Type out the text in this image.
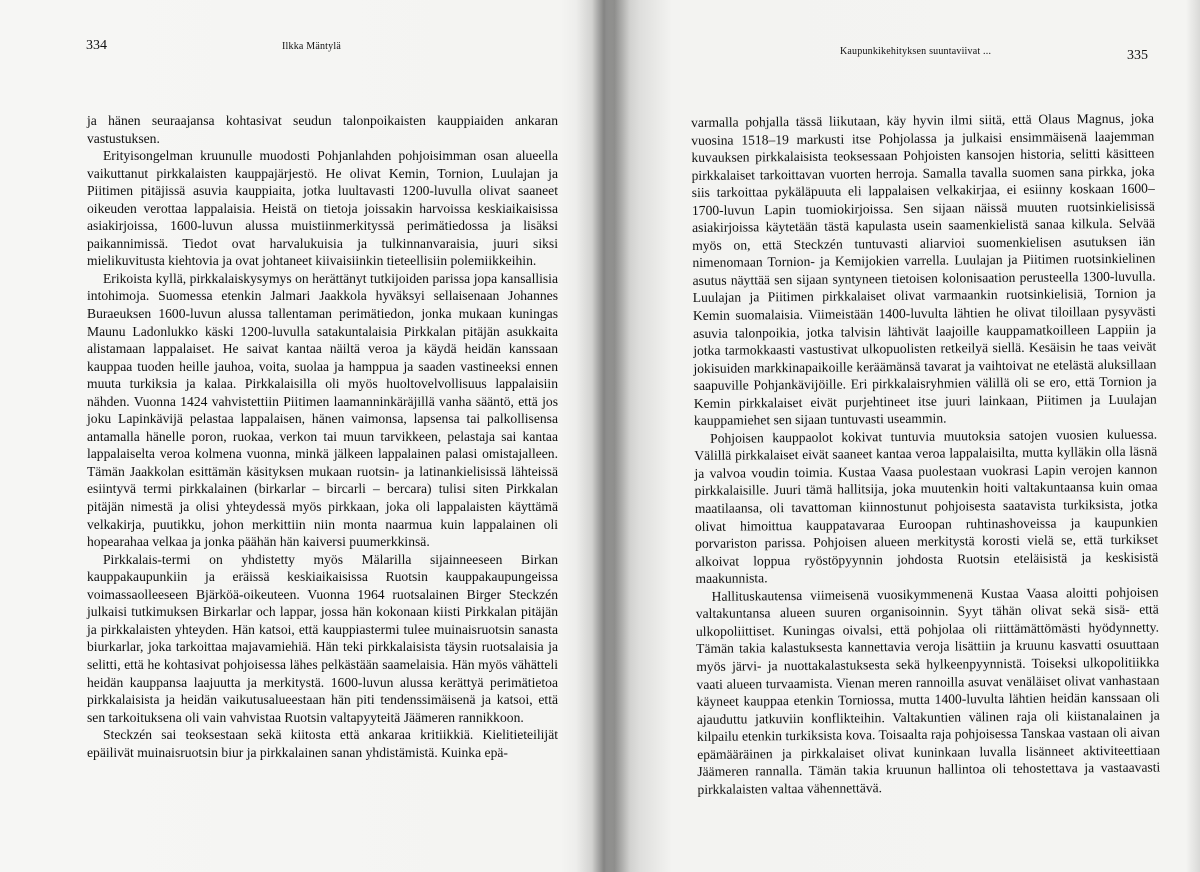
334	Ilkka Mäntylä

ja hänen seuraajansa kohtasivat seudun talonpoikaisten kauppiaiden ankaran vastustuksen.

Erityisongelman kruunulle muodosti Pohjanlahden pohjoisimman osan alueella vaikuttanut pirkkalaisten kauppajärjestö. He olivat Kemin, Tornion, Luulajan ja Piitimen pitäjissä asuvia kauppiaita, jotka luultavasti 1200-luvulla olivat saaneet oikeuden verottaa lappalaisia. Heistä on tietoja joissakin harvoissa keskiaikaisissa asiakirjoissa, 1600-luvun alussa muistiinmerkityssä perimätiedossa ja lisäksi paikannimissä. Tiedot ovat harvalukuisia ja tulkinnanvaraisia, juuri siksi mielikuvitusta kiehtovia ja ovat johtaneet kiivaisiinkin tieteellisiin polemiikkeihin.

Erikoista kyllä, pirkkalaiskysymys on herättänyt tutkijoiden parissa jopa kansallisia intohimoja. Suomessa etenkin Jalmari Jaakkola hyväksyi sellaisenaan Johannes Buraeuksen 1600-luvun alussa tallentaman perimätiedon, jonka mukaan kuningas Maunu Ladonlukko käski 1200-luvulla satakuntalaisia Pirkkalan pitäjän asukkaita alistamaan lappalaiset. He saivat kantaa näiltä veroa ja käydä heidän kanssaan kauppaa tuoden heille jauhoa, voita, suolaa ja hamppua ja saaden vastineeksi ennen muuta turkiksia ja kalaa. Pirkkalaisilla oli myös huoltovelvollisuus lappalaisiin nähden. Vuonna 1424 vahvistettiin Piitimen laamanninkäräjillä vanha sääntö, että jos joku Lapinkävijä pelastaa lappalaisen, hänen vaimonsa, lapsensa tai palkollisensa antamalla hänelle poron, ruokaa, verkon tai muun tarvikkeen, pelastaja sai kantaa lappalaiselta veroa kolmena vuonna, minkä jälkeen lappalainen palasi omistajalleen. Tämän Jaakkolan esittämän käsityksen mukaan ruotsin- ja latinankielisissä lähteissä esiintyvä termi pirkkalainen (birkarlar – bircarli – bercara) tulisi siten Pirkkalan pitäjän nimestä ja olisi yhteydessä myös pirkkaan, joka oli lappalaisten käyttämä velkakirja, puutikku, johon merkittiin niin monta naarmua kuin lappalainen oli hopearahaa velkaa ja jonka päähän hän kaiversi puumerkkinsä.

Pirkkalais-termi on yhdistetty myös Mälarilla sijainneeseen Birkan kauppakaupunkiin ja eräissä keskiaikaisissa Ruotsin kauppakaupungeissa voimassaolleeseen Bjärköä-oikeuteen. Vuonna 1964 ruotsalainen Birger Steckzén julkaisi tutkimuksen Birkarlar och lappar, jossa hän kokonaan kiisti Pirkkalan pitäjän ja pirkkalaisten yhteyden. Hän katsoi, että kauppiastermi tulee muinaisruotsin sanasta biurkarlar, joka tarkoittaa majavamiehiä. Hän teki pirkkalaisista täysin ruotsalaisia ja selitti, että he kohtasivat pohjoisessa lähes pelkästään saamelaisia. Hän myös vähätteli heidän kauppansa laajuutta ja merkitystä. 1600-luvun alussa kerättyä perimätietoa pirkkalaisista ja heidän vaikutusalueestaan hän piti tendenssimäisenä ja katsoi, että sen tarkoituksena oli vain vahvistaa Ruotsin valtapyyteitä Jäämeren rannikkoon.

Steckzén sai teoksestaan sekä kiitosta että ankaraa kritiikkiä. Kielitieteilijät epäilivät muinaisruotsin biur ja pirkkalainen sanan yhdistämistä. Kuinka epä-

Kaupunkikehityksen suuntaviivat ...	335

varmalla pohjalla tässä liikutaan, käy hyvin ilmi siitä, että Olaus Magnus, joka vuosina 1518–19 markusti itse Pohjolassa ja julkaisi ensimmäisenä laajemman kuvauksen pirkkalaisista teoksessaan Pohjoisten kansojen historia, selitti käsitteen pirkkalaiset tarkoittavan vuorten herroja. Samalla tavalla suomen sana pirkka, joka siis tarkoittaa pykäläpuuta eli lappalaisen velkakirjaa, ei esiinny koskaan 1600–1700-luvun Lapin tuomiokirjoissa. Sen sijaan näissä muuten ruotsinkielisissä asiakirjoissa käytetään tästä kapulasta usein saamenkielistä sanaa kilkula. Selvää myös on, että Steckzén tuntuvasti aliarvioi suomenkielisen asutuksen iän nimenomaan Tornion- ja Kemijokien varrella. Luulajan ja Piitimen ruotsinkielinen asutus näyttää sen sijaan syntyneen tietoisen kolonisaation perusteella 1300-luvulla. Luulajan ja Piitimen pirkkalaiset olivat varmaankin ruotsinkielisiä, Tornion ja Kemin suomalaisia. Viimeistään 1400-luvulta lähtien he olivat tiloillaan pysyvästi asuvia talonpoikia, jotka talvisin lähtivät laajoille kauppamatkoilleen Lappiin ja jotka tarmokkaasti vastustivat ulkopuolisten retkeilyä siellä. Kesäisin he taas veivät jokisuiden markkinapaikoille keräämänsä tavarat ja vaihtoivat ne etelästä aluksillaan saapuville Pohjankävijöille. Eri pirkkalaisryhmien välillä oli se ero, että Tornion ja Kemin pirkkalaiset eivät purjehtineet itse juuri lainkaan, Piitimen ja Luulajan kauppamiehet sen sijaan tuntuvasti useammin.

Pohjoisen kauppaolot kokivat tuntuvia muutoksia satojen vuosien kuluessa. Välillä pirkkalaiset eivät saaneet kantaa veroa lappalaisilta, mutta kylläkin olla läsnä ja valvoa voudin toimia. Kustaa Vaasa puolestaan vuokrasi Lapin verojen kannon pirkkalaisille. Juuri tämä hallitsija, joka muutenkin hoiti valtakuntaansa kuin omaa maatilaansa, oli tavattoman kiinnostunut pohjoisesta saatavista turkiksista, jotka olivat himoittua kauppatavaraa Euroopan ruhtinashoveissa ja kaupunkien porvariston parissa. Pohjoisen alueen merkitystä korosti vielä se, että turkikset alkoivat loppua ryöstöpyynnin johdosta Ruotsin eteläisistä ja keskisistä maakunnista.

Hallituskautensa viimeisenä vuosikymmenenä Kustaa Vaasa aloitti pohjoisen valtakuntansa alueen suuren organisoinnin. Syyt tähän olivat sekä sisä- että ulkopoliittiset. Kuningas oivalsi, että pohjolaa oli riittämättömästi hyödynnetty. Tämän takia kalastuksesta kannettavia veroja lisättiin ja kruunu kasvatti osuuttaan myös järvi- ja nuottakalastuksesta sekä hylkeenpyynnistä. Toiseksi ulkopolitiikka vaati alueen turvaamista. Vienan meren rannoilla asuvat venäläiset olivat vanhastaan käyneet kauppaa etenkin Torniossa, mutta 1400-luvulta lähtien heidän kanssaan oli ajauduttu jatkuviin konflikteihin. Valtakuntien välinen raja oli kiistanalainen ja kilpailu etenkin turkiksista kova. Toisaalta raja pohjoisessa Tanskaa vastaan oli aivan epämääräinen ja pirkkalaiset olivat kuninkaan luvalla lisänneet aktiviteettiaan Jäämeren rannalla. Tämän takia kruunun hallintoa oli tehostettava ja vastaavasti pirkkalaisten valtaa vähennettävä.
